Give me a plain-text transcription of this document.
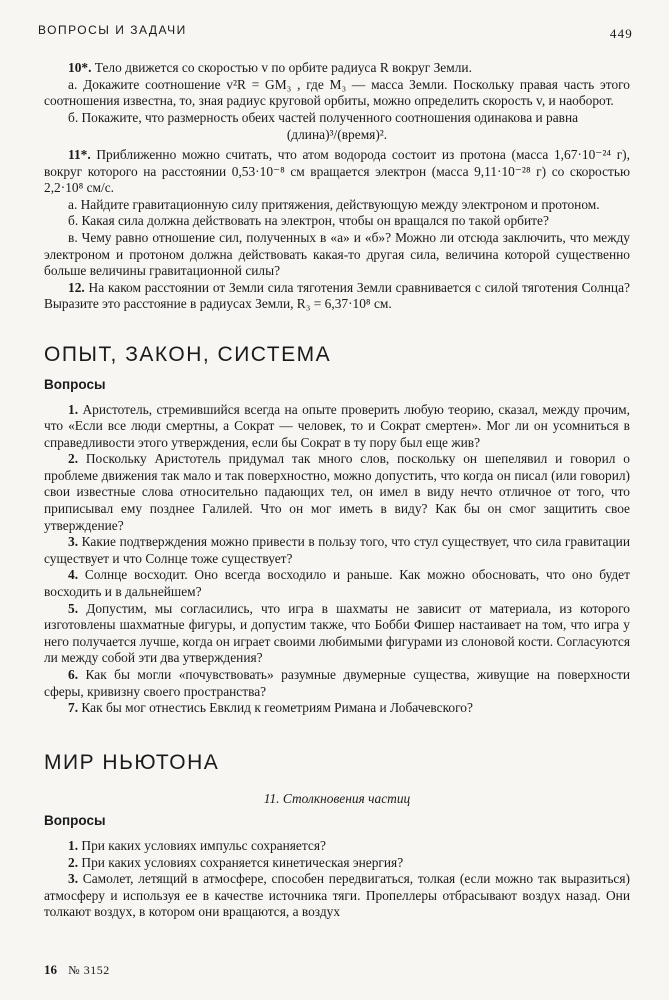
ВОПРОСЫ И ЗАДАЧИ	449

10*. Тело движется со скоростью v по орбите радиуса R вокруг Земли.

а. Докажите соотношение v²R = GM₃ , где M₃ — масса Земли. Поскольку правая часть этого соотношения известна, то, зная радиус круговой орбиты, можно определить скорость v, и наоборот.

б. Покажите, что размерность обеих частей полученного соотношения одинакова и равна

(длина)³/(время)².

11*. Приближенно можно считать, что атом водорода состоит из протона (масса 1,67·10⁻²⁴ г), вокруг которого на расстоянии 0,53·10⁻⁸ см вращается электрон (масса 9,11·10⁻²⁸ г) со скоростью 2,2·10⁸ см/с.

а. Найдите гравитационную силу притяжения, действующую между электроном и протоном.

б. Какая сила должна действовать на электрон, чтобы он вращался по такой орбите?

в. Чему равно отношение сил, полученных в «а» и «б»? Можно ли отсюда заключить, что между электроном и протоном должна действовать какая-то другая сила, величина которой существенно больше величины гравитационной силы?

12. На каком расстоянии от Земли сила тяготения Земли сравнивается с силой тяготения Солнца? Выразите это расстояние в радиусах Земли, R₃ = 6,37·10⁸ см.

ОПЫТ, ЗАКОН, СИСТЕМА
Вопросы

1. Аристотель, стремившийся всегда на опыте проверить любую теорию, сказал, между прочим, что «Если все люди смертны, а Сократ — человек, то и Сократ смертен». Мог ли он усомниться в справедливости этого утверждения, если бы Сократ в ту пору был еще жив?

2. Поскольку Аристотель придумал так много слов, поскольку он шепелявил и говорил о проблеме движения так мало и так поверхностно, можно допустить, что когда он писал (или говорил) свои известные слова относительно падающих тел, он имел в виду нечто отличное от того, что приписывал ему позднее Галилей. Что он мог иметь в виду? Как бы он смог защитить свое утверждение?

3. Какие подтверждения можно привести в пользу того, что стул существует, что сила гравитации существует и что Солнце тоже существует?

4. Солнце восходит. Оно всегда восходило и раньше. Как можно обосновать, что оно будет восходить и в дальнейшем?

5. Допустим, мы согласились, что игра в шахматы не зависит от материала, из которого изготовлены шахматные фигуры, и допустим также, что Бобби Фишер настаивает на том, что игра у него получается лучше, когда он играет своими любимыми фигурами из слоновой кости. Согласуются ли между собой эти два утверждения?

6. Как бы могли «почувствовать» разумные двумерные существа, живущие на поверхности сферы, кривизну своего пространства?

7. Как бы мог отнестись Евклид к геометриям Римана и Лобачевского?

МИР НЬЮТОНА
11. Столкновения частиц
Вопросы

1. При каких условиях импульс сохраняется?

2. При каких условиях сохраняется кинетическая энергия?

3. Самолет, летящий в атмосфере, способен передвигаться, толкая (если можно так выразиться) атмосферу и используя ее в качестве источника тяги. Пропеллеры отбрасывают воздух назад. Они толкают воздух, в котором они вращаются, а воздух

16 № 3152
